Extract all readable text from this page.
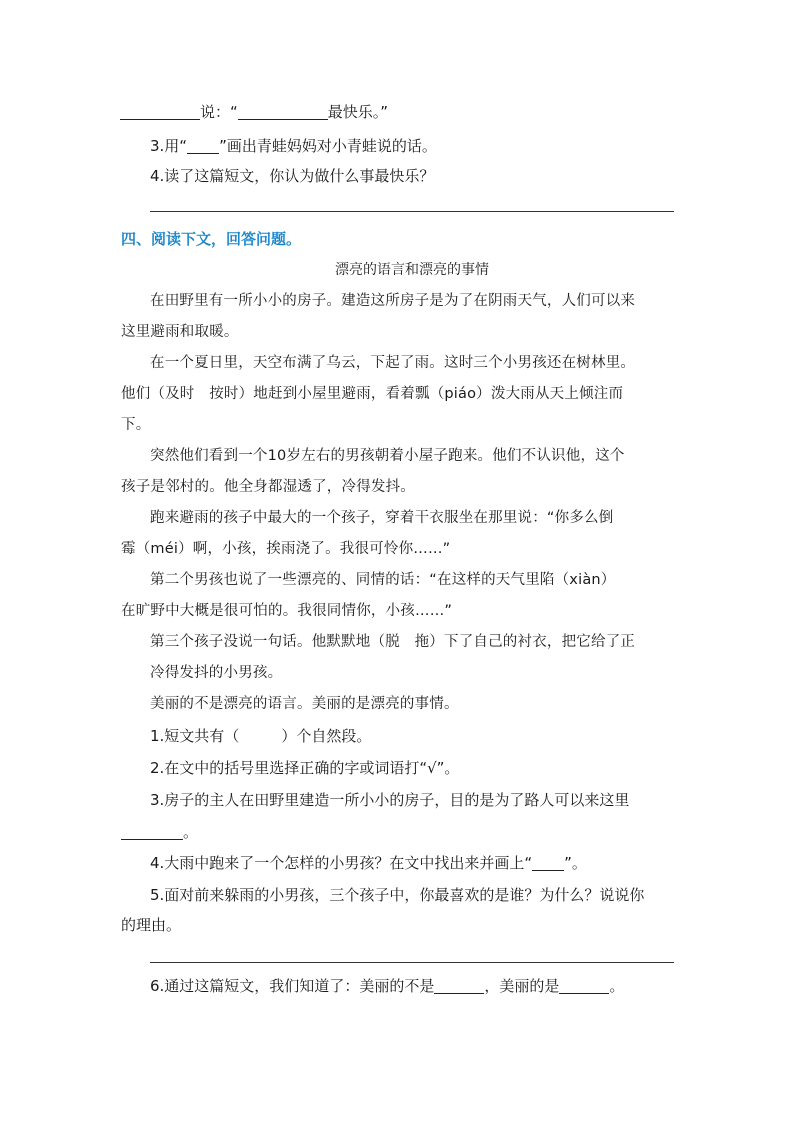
说：“	最快乐。”
3.用“ ”画出青蛙妈妈对小青蛙说的话。
4.读了这篇短文，你认为做什么事最快乐？
四、阅读下文，回答问题。
漂亮的语言和漂亮的事情
在田野里有一所小小的房子。建造这所房子是为了在阴雨天气，人们可以来
这里避雨和取暖。
在一个夏日里，天空布满了乌云，下起了雨。这时三个小男孩还在树林里。
他们（及时　按时）地赶到小屋里避雨，看着瓢（piáo）泼大雨从天上倾注而
下。
突然他们看到一个10岁左右的男孩朝着小屋子跑来。他们不认识他，这个
孩子是邻村的。他全身都湿透了，冷得发抖。
跑来避雨的孩子中最大的一个孩子，穿着干衣服坐在那里说：“你多么倒
霉（méi）啊，小孩，挨雨浇了。我很可怜你……”
第二个男孩也说了一些漂亮的、同情的话：“在这样的天气里陷（xiàn）
在旷野中大概是很可怕的。我很同情你，小孩……”
第三个孩子没说一句话。他默默地（脱　拖）下了自己的衬衣，把它给了正
冷得发抖的小男孩。
美丽的不是漂亮的语言。美丽的是漂亮的事情。
1.短文共有（	）个自然段。
2.在文中的括号里选择正确的字或词语打“√”。
3.房子的主人在田野里建造一所小小的房子，目的是为了路人可以来这里
。
4.大雨中跑来了一个怎样的小男孩？在文中找出来并画上“ ”。
5.面对前来躲雨的小男孩，三个孩子中，你最喜欢的是谁？为什么？说说你
的理由。
6.通过这篇短文，我们知道了：美丽的不是	，美丽的是	。
